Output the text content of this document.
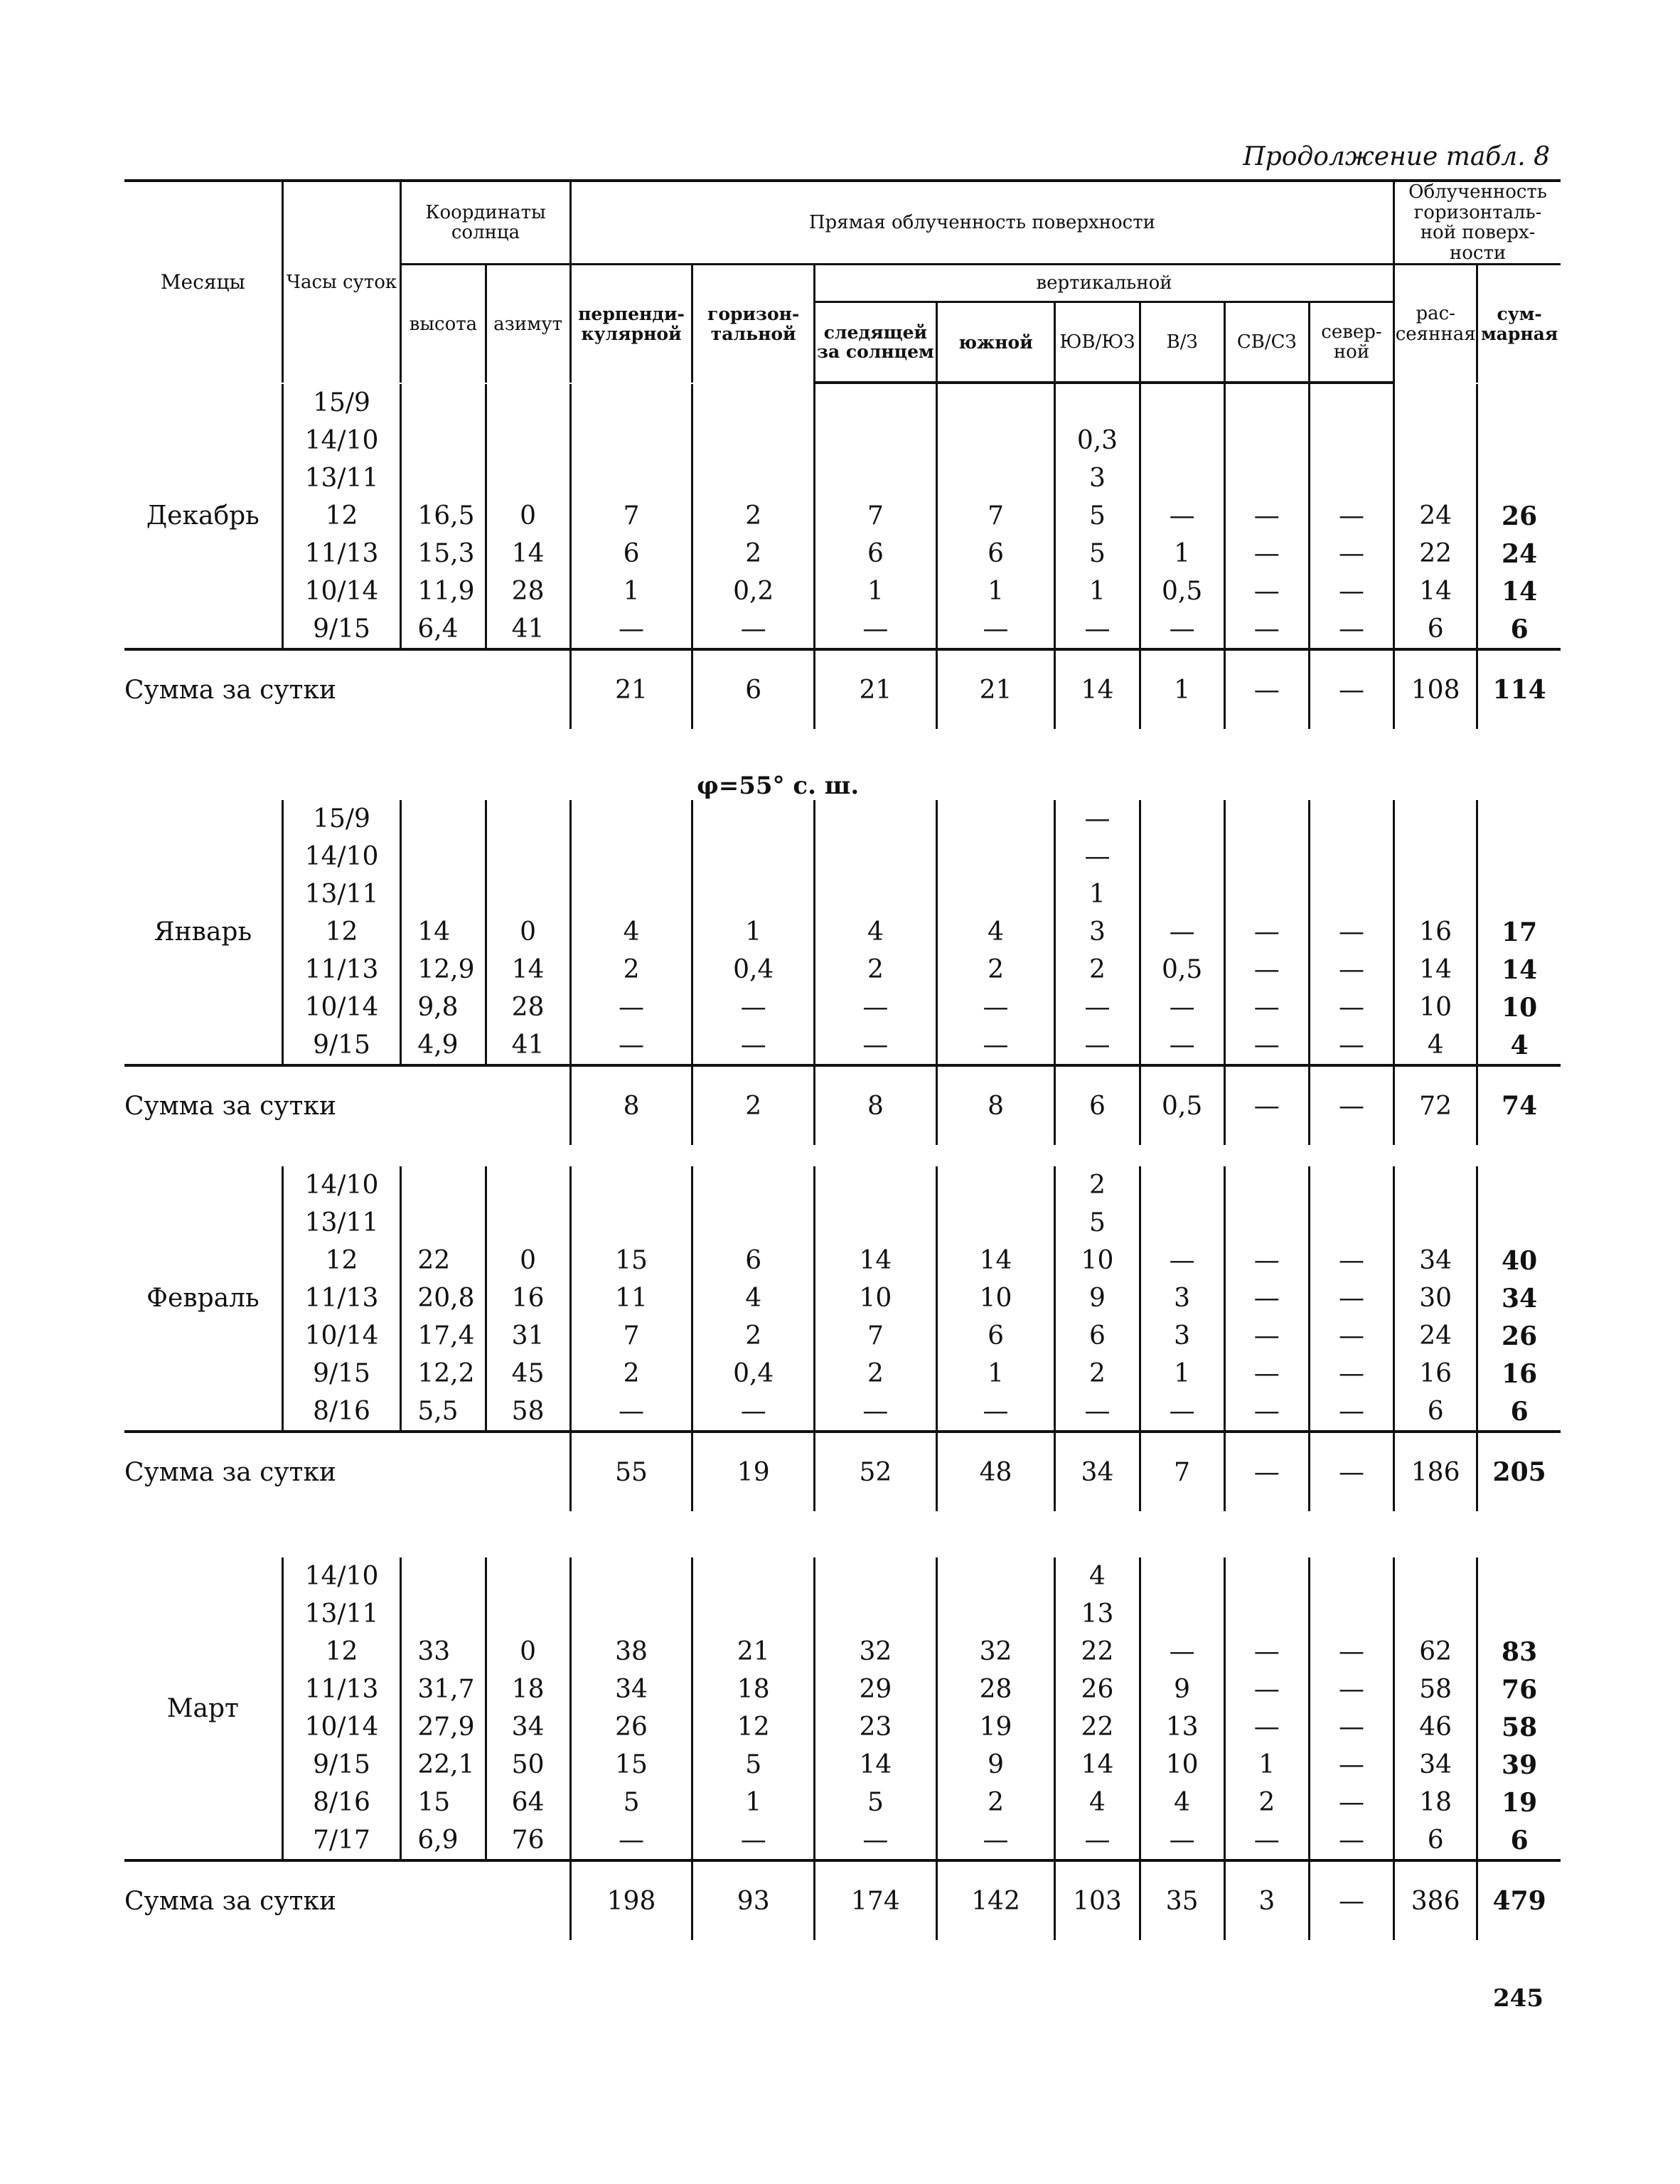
Продолжение табл. 8
Месяцы	Часы суток	Координаты солнца		Прямая облученность поверхности								Облученность горизонталь- ной поверх- ности	
		высота	азимут	перпенди- кулярной	горизон- тальной	вертикальной						рас- сеянная	сум- марная
						следящей за солнцем	южной	ЮВ/ЮЗ	В/З	СВ/СЗ	север- ной		
Декабрь	15/9												
	14/10							0,3					
	13/11							3					
	12	16,5	0	7	2	7	7	5	—	—	—	24	26
	11/13	15,3	14	6	2	6	6	5	1	—	—	22	24
	10/14	11,9	28	1	0,2	1	1	1	0,5	—	—	14	14
	9/15	6,4	41	—	—	—	—	—	—	—	—	6	6
Сумма за сутки				21	6	21	21	14	1	—	—	108	114
φ=55° с. ш.
Январь	15/9							—					
	14/10							—					
	13/11							1					
	12	14	0	4	1	4	4	3	—	—	—	16	17
	11/13	12,9	14	2	0,4	2	2	2	0,5	—	—	14	14
	10/14	9,8	28	—	—	—	—	—	—	—	—	10	10
	9/15	4,9	41	—	—	—	—	—	—	—	—	4	4
Сумма за сутки				8	2	8	8	6	0,5	—	—	72	74
Февраль	14/10							2					
	13/11							5					
	12	22	0	15	6	14	14	10	—	—	—	34	40
	11/13	20,8	16	11	4	10	10	9	3	—	—	30	34
	10/14	17,4	31	7	2	7	6	6	3	—	—	24	26
	9/15	12,2	45	2	0,4	2	1	2	1	—	—	16	16
	8/16	5,5	58	—	—	—	—	—	—	—	—	6	6
Сумма за сутки				55	19	52	48	34	7	—	—	186	205
Март	14/10							4					
	13/11							13					
	12	33	0	38	21	32	32	22	—	—	—	62	83
	11/13	31,7	18	34	18	29	28	26	9	—	—	58	76
	10/14	27,9	34	26	12	23	19	22	13	—	—	46	58
	9/15	22,1	50	15	5	14	9	14	10	1	—	34	39
	8/16	15	64	5	1	5	2	4	4	2	—	18	19
	7/17	6,9	76	—	—	—	—	—	—	—	—	6	6
Сумма за сутки				198	93	174	142	103	35	3	—	386	479
245
